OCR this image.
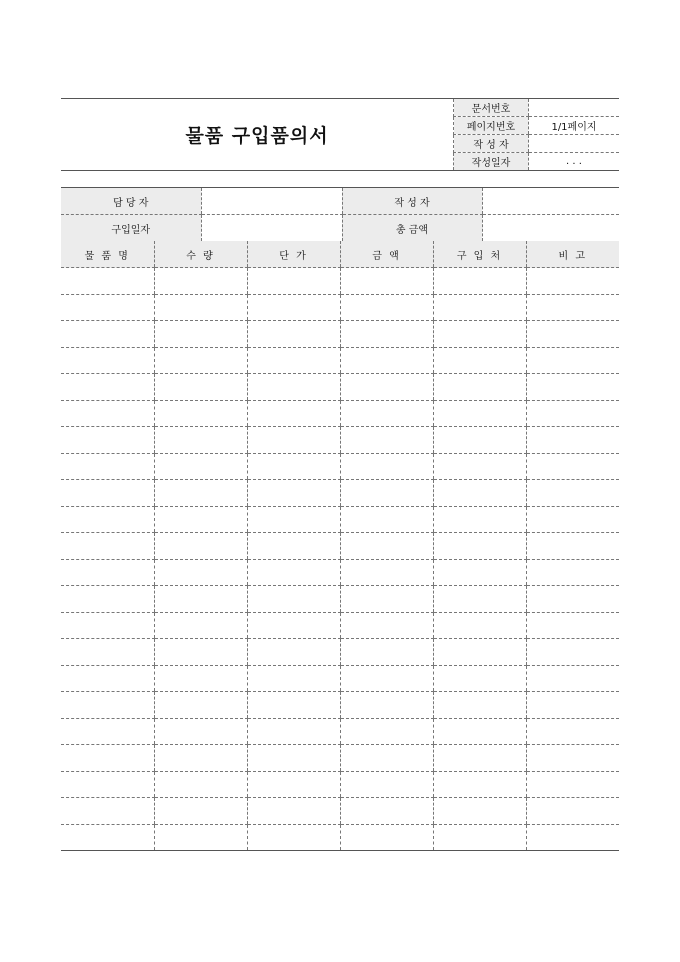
물품 구입품의서
문서번호	
페이지번호	1/1페이지
작 성 자	
작성일자	. . .
담 당 자		작 성 자	
구입일자		총 금액	
물 품 명	수 량	단 가	금 액	구 입 처	비 고
